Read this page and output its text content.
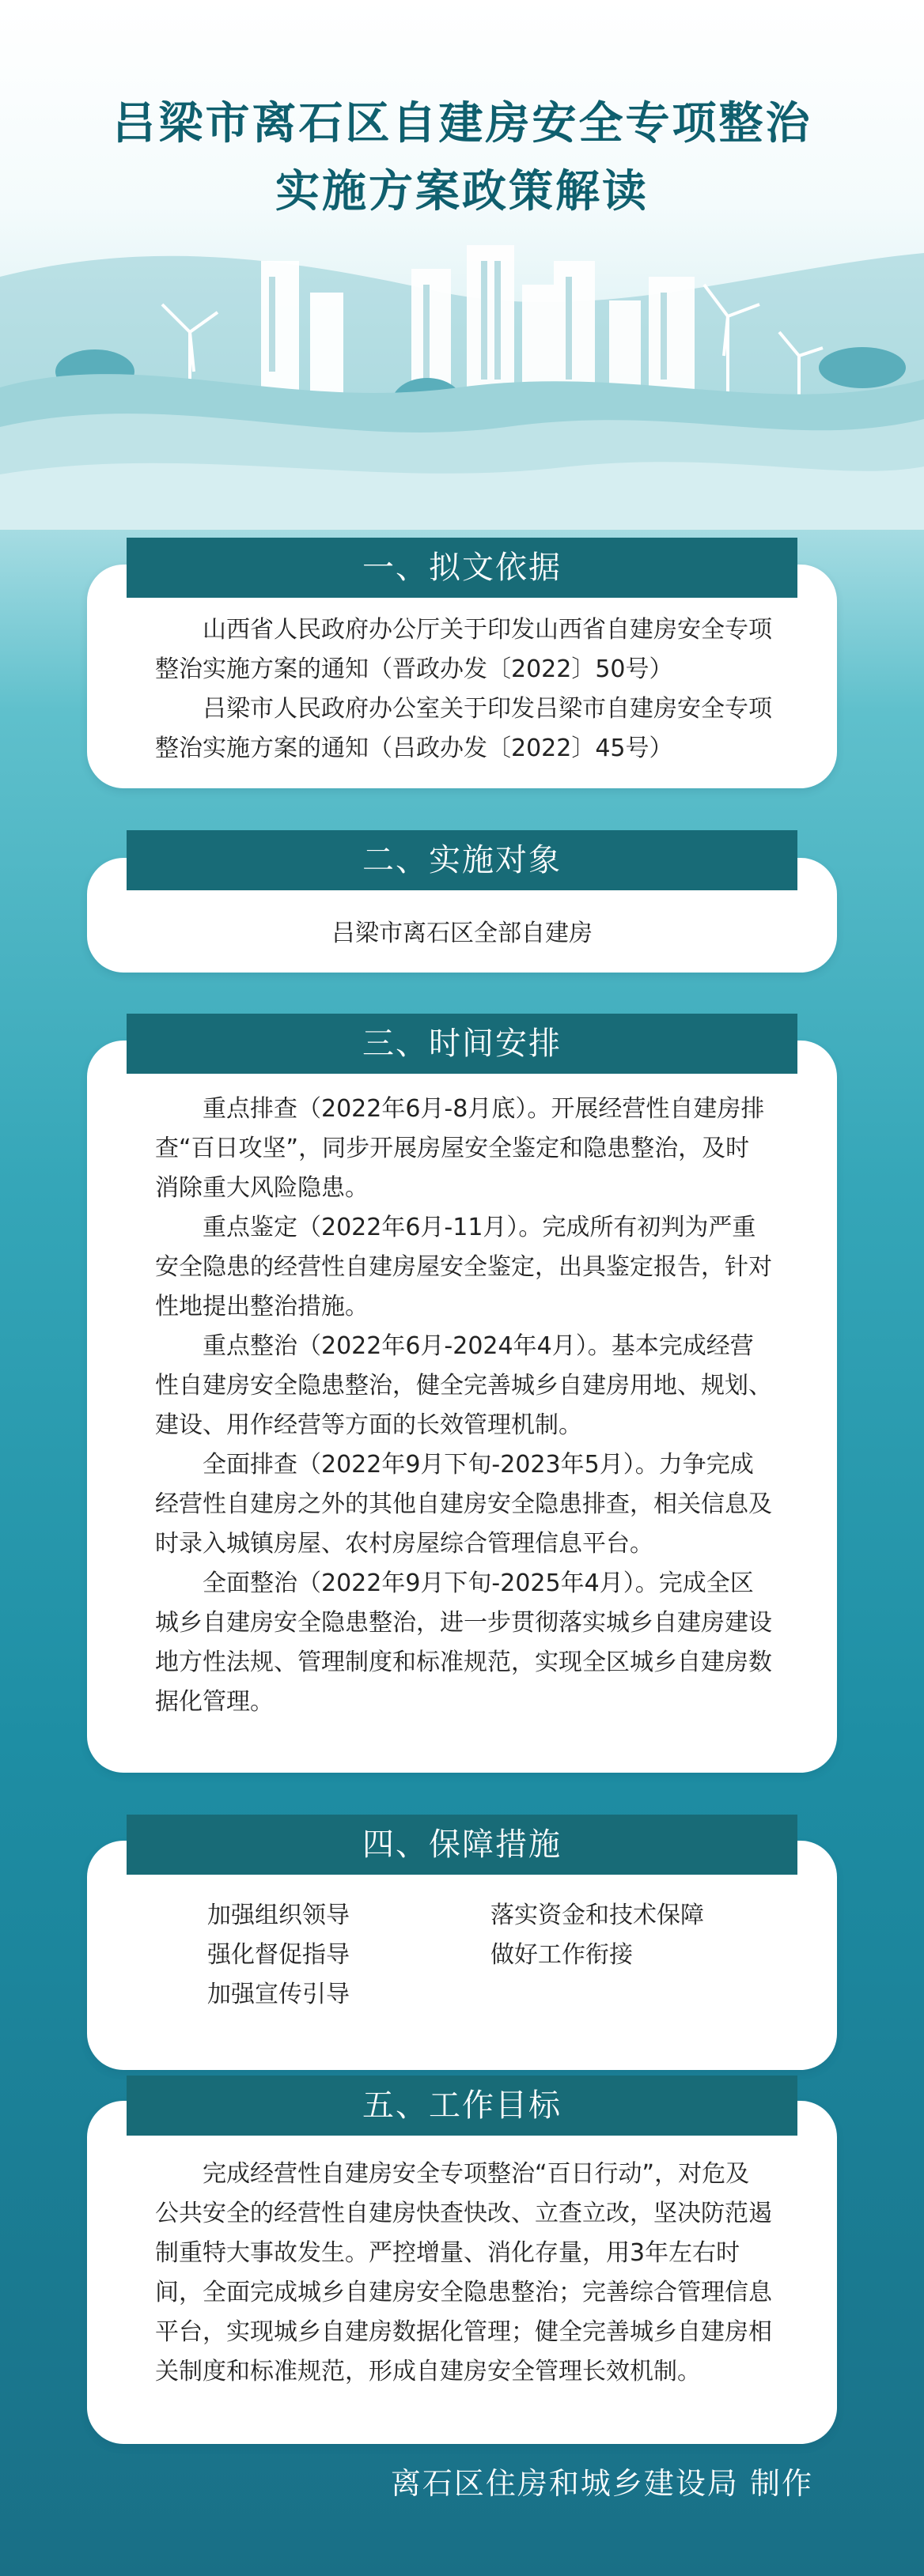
吕梁市离石区自建房安全专项整治
实施方案政策解读
一、拟文依据

山西省人民政府办公厅关于印发山西省自建房安全专项整治实施方案的通知（晋政办发〔2022〕50号）

吕梁市人民政府办公室关于印发吕梁市自建房安全专项整治实施方案的通知（吕政办发〔2022〕45号）

二、实施对象
吕梁市离石区全部自建房
三、时间安排

重点排查（2022年6月-8月底）。开展经营性自建房排查“百日攻坚”，同步开展房屋安全鉴定和隐患整治，及时消除重大风险隐患。

重点鉴定（2022年6月-11月）。完成所有初判为严重安全隐患的经营性自建房屋安全鉴定，出具鉴定报告，针对性地提出整治措施。

重点整治（2022年6月-2024年4月）。基本完成经营性自建房安全隐患整治，健全完善城乡自建房用地、规划、建设、用作经营等方面的长效管理机制。

全面排查（2022年9月下旬-2023年5月）。力争完成经营性自建房之外的其他自建房安全隐患排查，相关信息及时录入城镇房屋、农村房屋综合管理信息平台。

全面整治（2022年9月下旬-2025年4月）。完成全区城乡自建房安全隐患整治，进一步贯彻落实城乡自建房建设地方性法规、管理制度和标准规范，实现全区城乡自建房数据化管理。

四、保障措施
加强组织领导
强化督促指导
加强宣传引导
落实资金和技术保障
做好工作衔接
五、工作目标

完成经营性自建房安全专项整治“百日行动”，对危及公共安全的经营性自建房快查快改、立查立改，坚决防范遏制重特大事故发生。严控增量、消化存量，用3年左右时间，全面完成城乡自建房安全隐患整治；完善综合管理信息平台，实现城乡自建房数据化管理；健全完善城乡自建房相关制度和标准规范，形成自建房安全管理长效机制。

离石区住房和城乡建设局 制作
